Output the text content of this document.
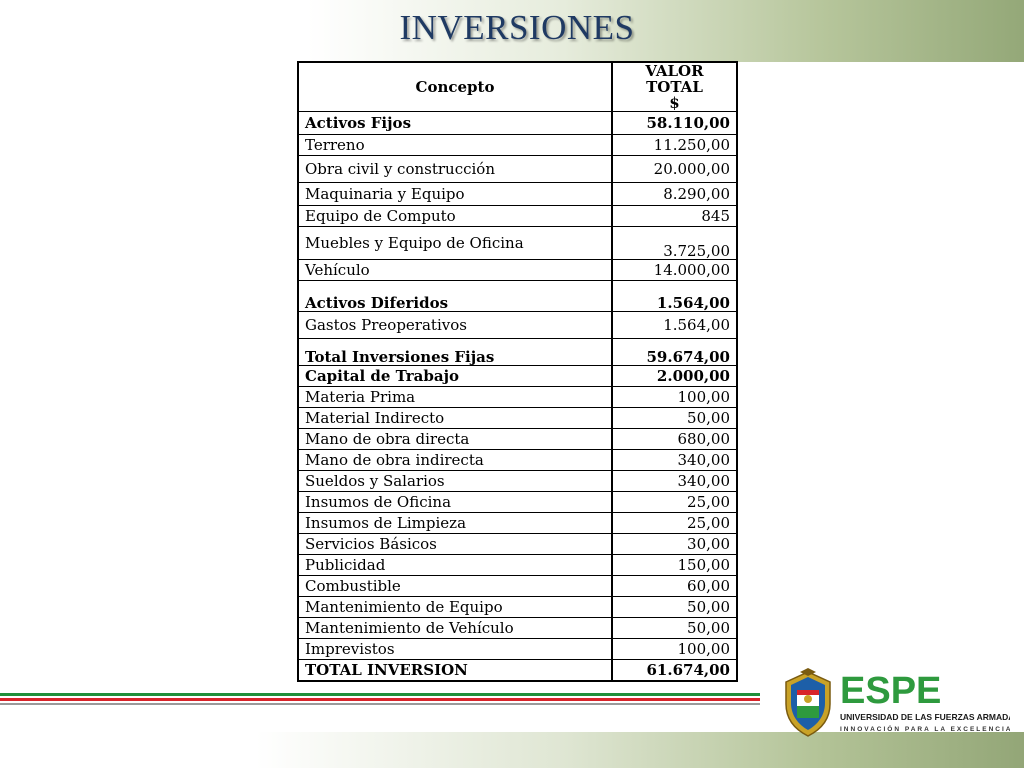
INVERSIONES
Concepto	VALOR
TOTAL
$
Activos Fijos	58.110,00
Terreno	11.250,00
Obra civil y construcción	20.000,00
Maquinaria y Equipo	8.290,00
Equipo de Computo	845
Muebles y Equipo de Oficina	3.725,00
Vehículo	14.000,00
Activos Diferidos	1.564,00
Gastos Preoperativos	1.564,00
Total Inversiones Fijas	59.674,00
Capital de Trabajo	2.000,00
Materia Prima	100,00
Material Indirecto	50,00
Mano de obra directa	680,00
Mano de obra indirecta	340,00
Sueldos y Salarios	340,00
Insumos de Oficina	25,00
Insumos de Limpieza	25,00
Servicios Básicos	30,00
Publicidad	150,00
Combustible	60,00
Mantenimiento de Equipo	50,00
Mantenimiento de Vehículo	50,00
Imprevistos	100,00
TOTAL INVERSION	61.674,00	ESPE
UNIVERSIDAD DE LAS FUERZAS ARMADAS
INNOVACIÓN PARA LA EXCELENCIA
